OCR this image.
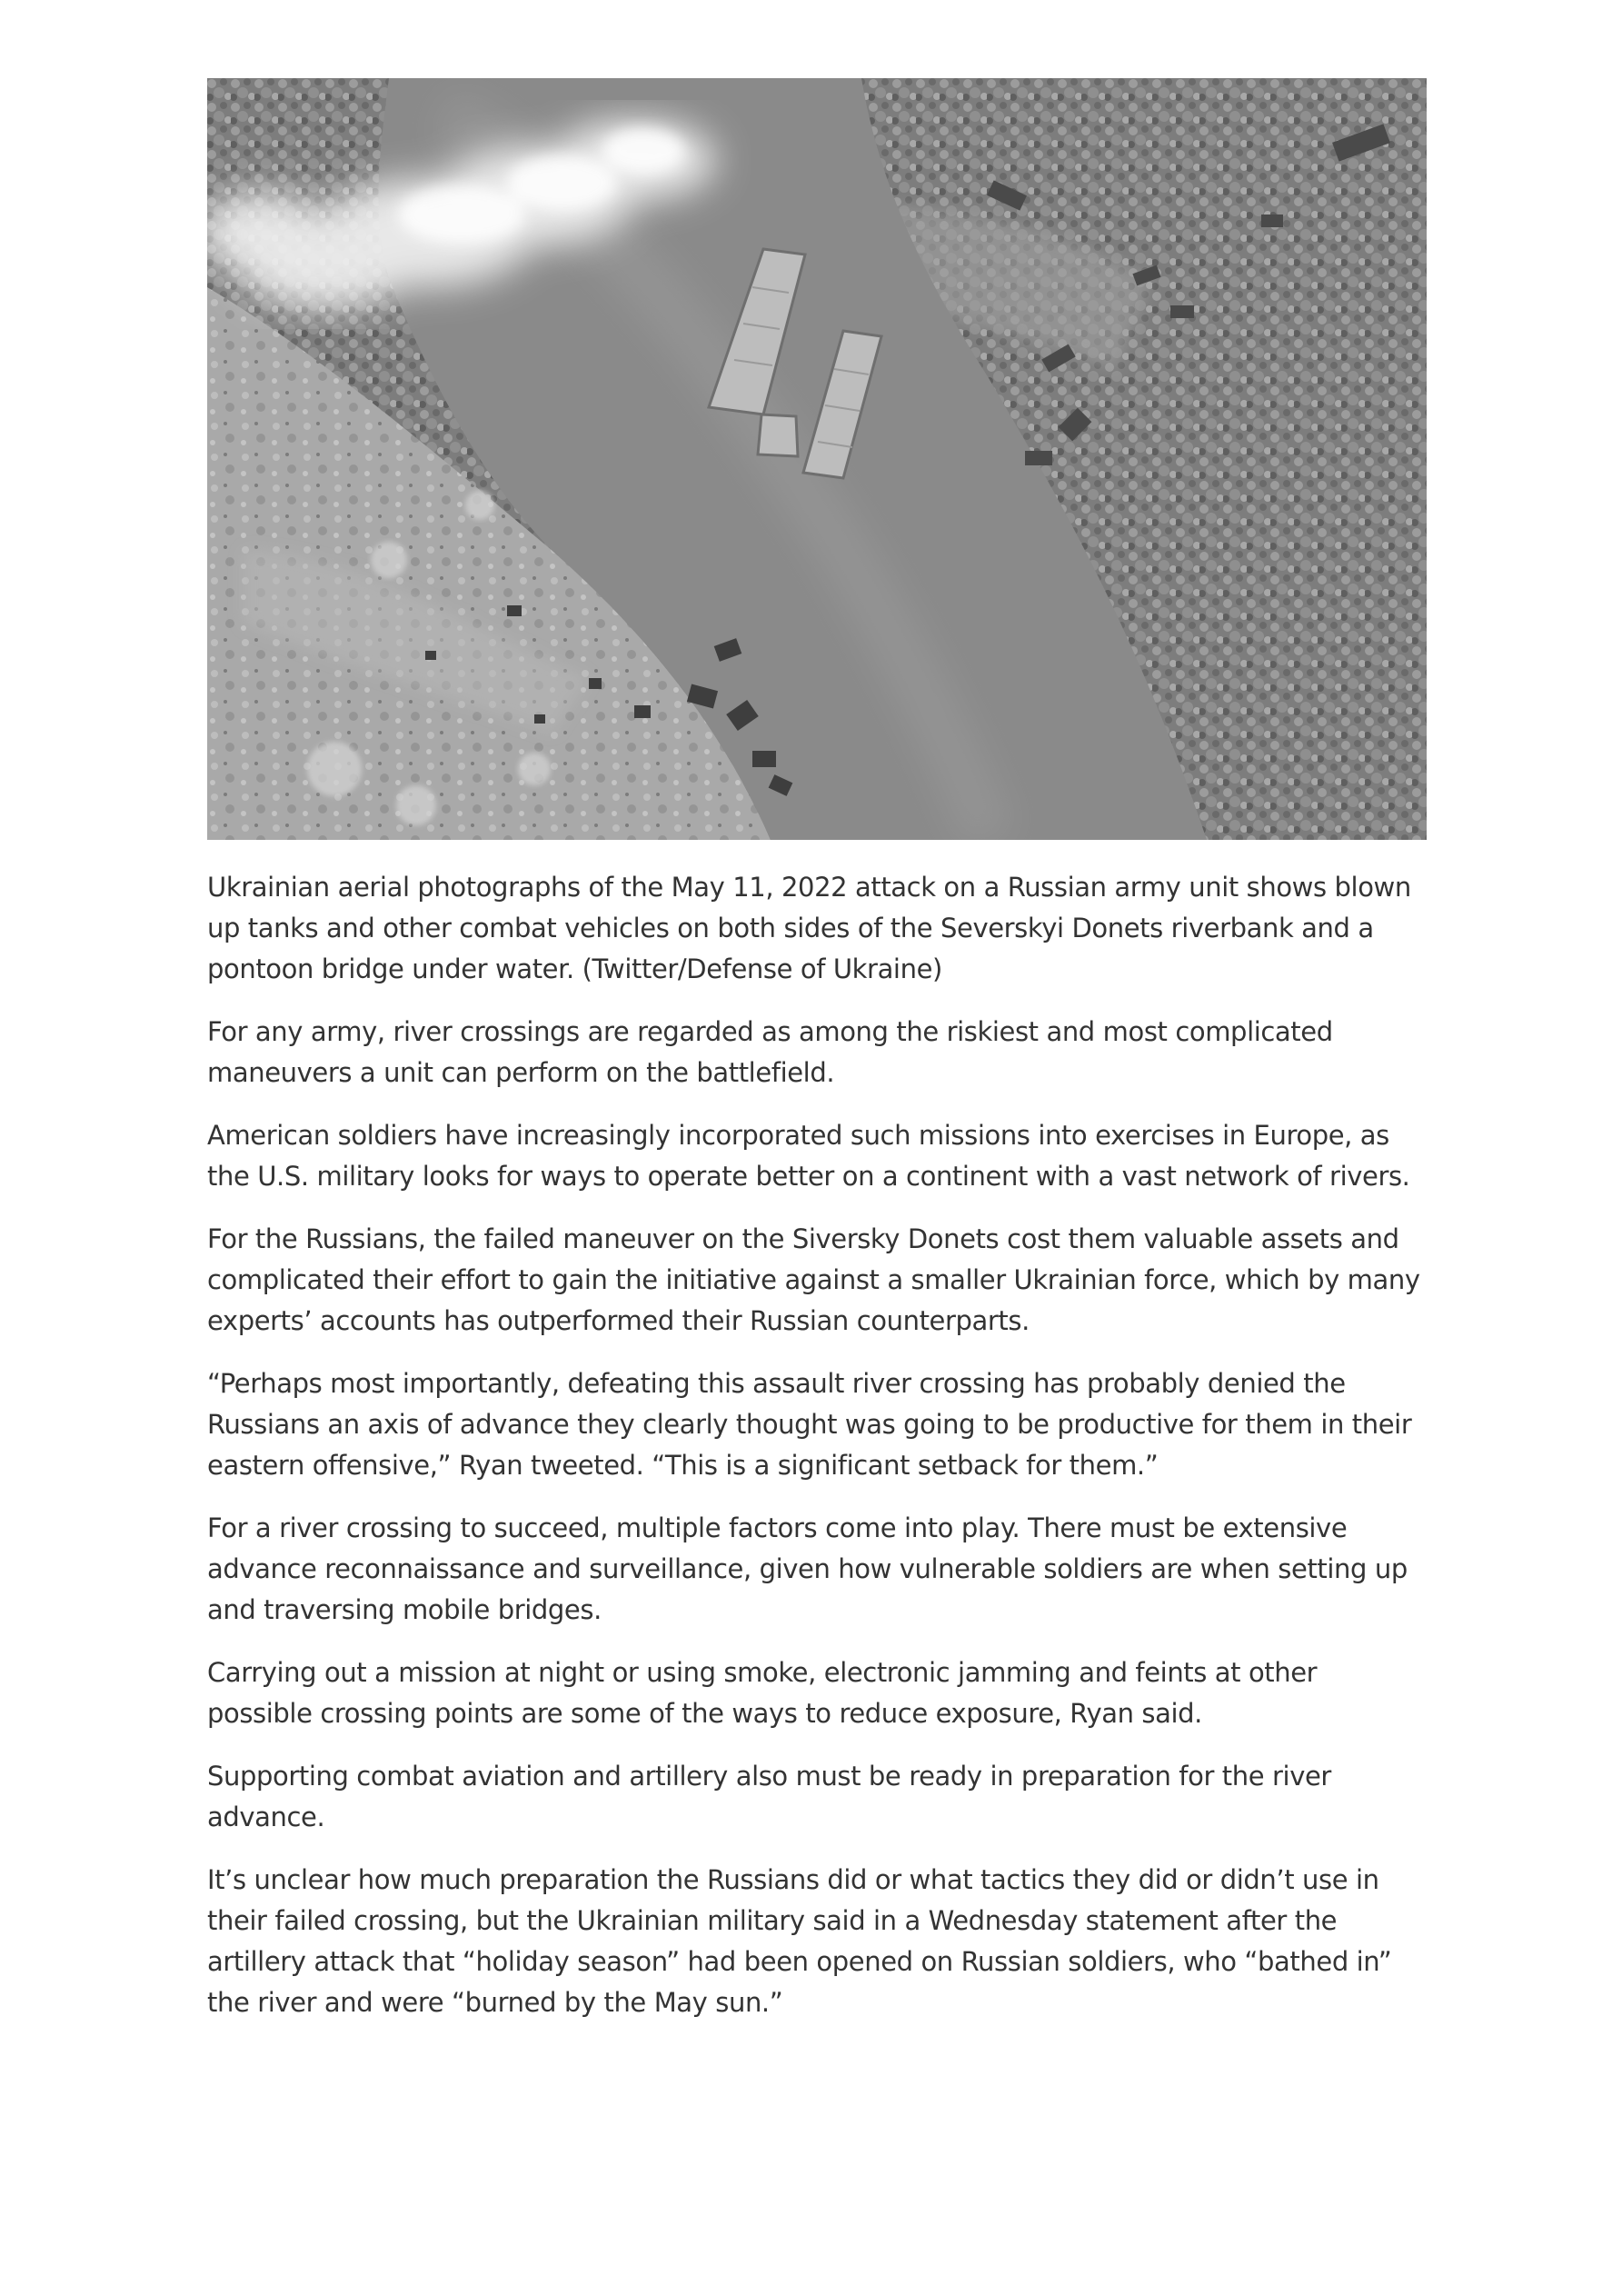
Ukrainian aerial photographs of the May 11, 2022 attack on a Russian army unit shows blown up tanks and other combat vehicles on both sides of the Severskyi Donets riverbank and a pontoon bridge under water. (Twitter/Defense of Ukraine)

For any army, river crossings are regarded as among the riskiest and most complicated maneuvers a unit can perform on the battlefield.

American soldiers have increasingly incorporated such missions into exercises in Europe, as the U.S. military looks for ways to operate better on a continent with a vast network of rivers.

For the Russians, the failed maneuver on the Siversky Donets cost them valuable assets and complicated their effort to gain the initiative against a smaller Ukrainian force, which by many experts’ accounts has outperformed their Russian counterparts.

“Perhaps most importantly, defeating this assault river crossing has probably denied the Russians an axis of advance they clearly thought was going to be productive for them in their eastern offensive,” Ryan tweeted. “This is a significant setback for them.”

For a river crossing to succeed, multiple factors come into play. There must be extensive advance reconnaissance and surveillance, given how vulnerable soldiers are when setting up and traversing mobile bridges.

Carrying out a mission at night or using smoke, electronic jamming and feints at other possible crossing points are some of the ways to reduce exposure, Ryan said.

Supporting combat aviation and artillery also must be ready in preparation for the river advance.

It’s unclear how much preparation the Russians did or what tactics they did or didn’t use in their failed crossing, but the Ukrainian military said in a Wednesday statement after the artillery attack that “holiday season” had been opened on Russian soldiers, who “bathed in” the river and were “burned by the May sun.”
